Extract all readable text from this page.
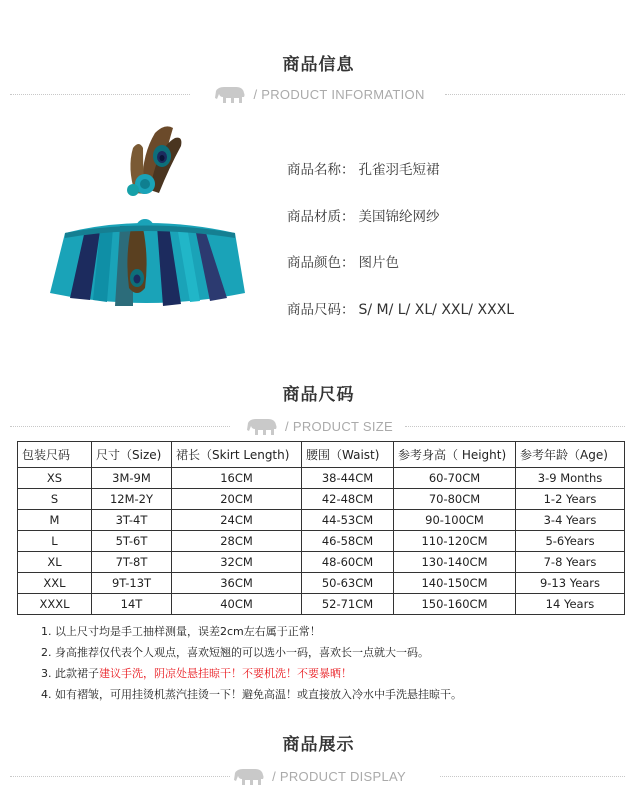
商品信息
/ PRODUCT INFORMATION
商品名称： 孔雀羽毛短裙
商品材质： 美国锦纶网纱
商品颜色： 图片色
商品尺码： S/ M/ L/ XL/ XXL/ XXXL
商品尺码
/ PRODUCT SIZE
包装尺码	尺寸（Size)	裙长（Skirt Length)	腰围（Waist)	参考身高（ Height)	参考年龄（Age)
XS	3M-9M	16CM	38-44CM	60-70CM	3-9 Months
S	12M-2Y	20CM	42-48CM	70-80CM	1-2 Years
M	3T-4T	24CM	44-53CM	90-100CM	3-4 Years
L	5T-6T	28CM	46-58CM	110-120CM	5-6Years
XL	7T-8T	32CM	48-60CM	130-140CM	7-8 Years
XXL	9T-13T	36CM	50-63CM	140-150CM	9-13 Years
XXXL	14T	40CM	52-71CM	150-160CM	14 Years
1. 以上尺寸均是手工抽样测量，误差2cm左右属于正常！
2. 身高推荐仅代表个人观点，喜欢短翘的可以选小一码，喜欢长一点就大一码。
3. 此款裙子建议手洗，阴凉处悬挂晾干！不要机洗！不要暴晒！
4. 如有褶皱，可用挂烫机蒸汽挂烫一下！避免高温！或直接放入冷水中手洗悬挂晾干。
商品展示
/ PRODUCT DISPLAY
